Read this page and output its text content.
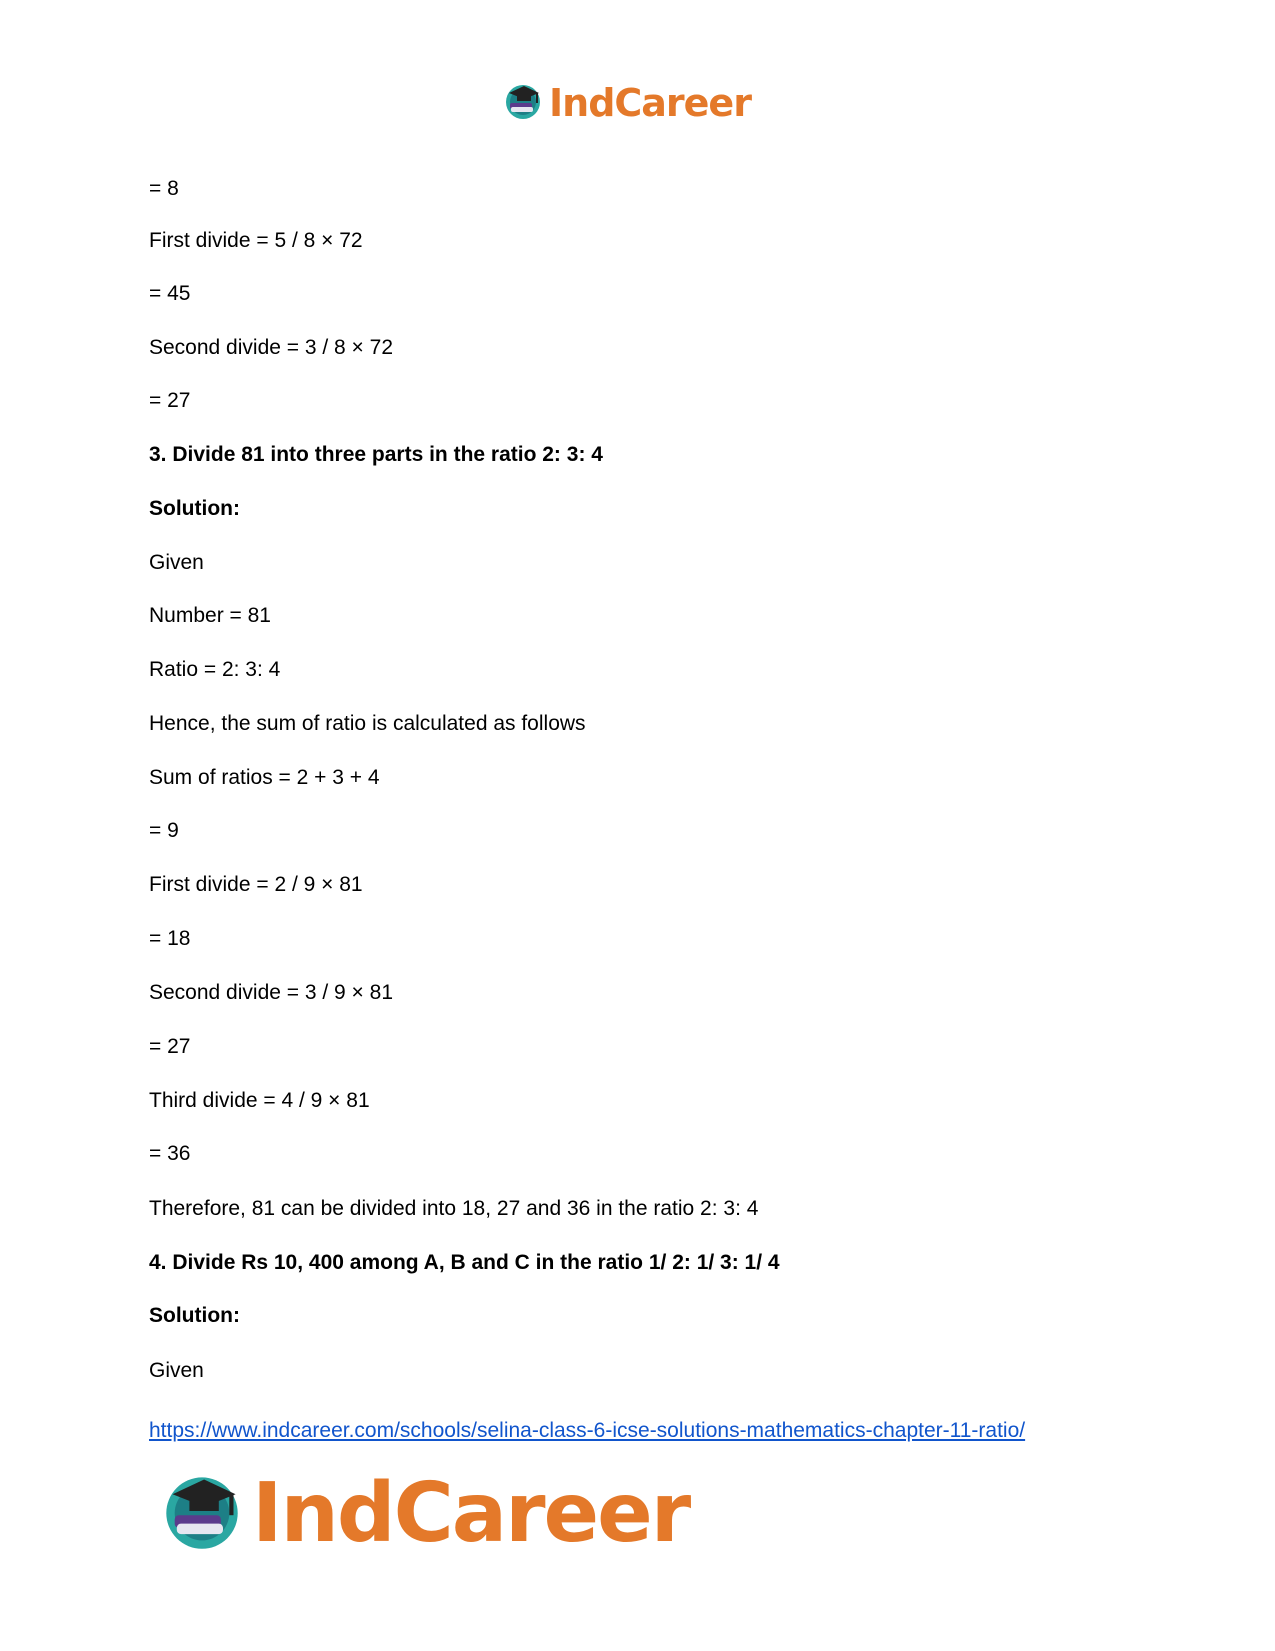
IndCareer
= 8
First divide = 5 / 8 × 72
= 45
Second divide = 3 / 8 × 72
= 27
3. Divide 81 into three parts in the ratio 2: 3: 4
Solution:
Given
Number = 81
Ratio = 2: 3: 4
Hence, the sum of ratio is calculated as follows
Sum of ratios = 2 + 3 + 4
= 9
First divide = 2 / 9 × 81
= 18
Second divide = 3 / 9 × 81
= 27
Third divide = 4 / 9 × 81
= 36
Therefore, 81 can be divided into 18, 27 and 36 in the ratio 2: 3: 4
4. Divide Rs 10, 400 among A, B and C in the ratio 1/ 2: 1/ 3: 1/ 4
Solution:
Given
https://www.indcareer.com/schools/selina-class-6-icse-solutions-mathematics-chapter-11-ratio/
IndCareer
